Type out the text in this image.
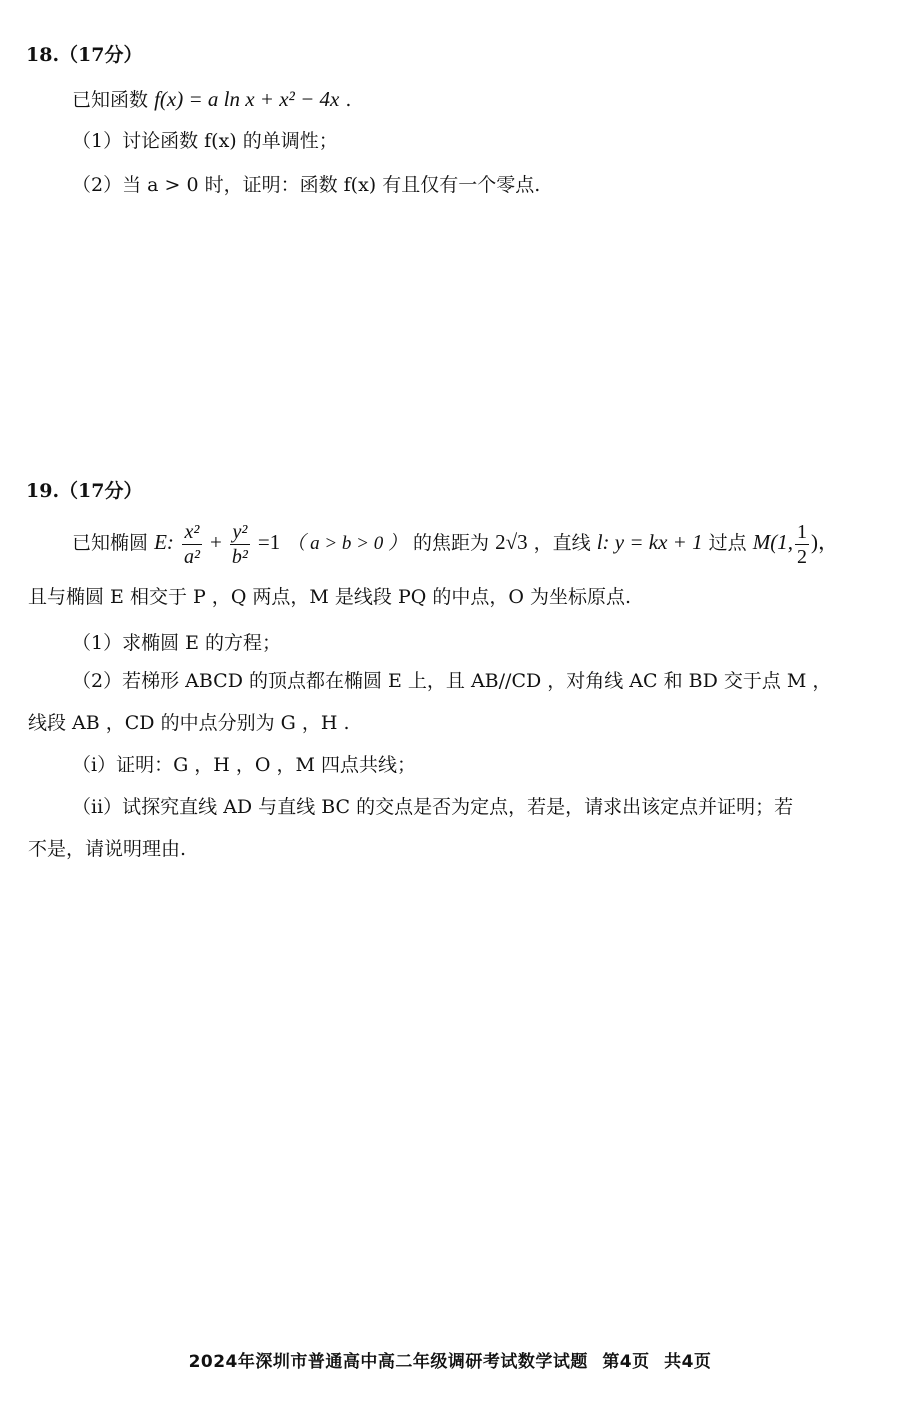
18.（17分）
已知函数 f(x) = a ln x + x² − 4x .
（1）讨论函数 f(x) 的单调性；
（2）当 a > 0 时，证明：函数 f(x) 有且仅有一个零点.
19.（17分）
已知椭圆 E: $\frac{\text{x²}}{\text{a²}} + \frac{\text{y²}}{\text{b²}} =1$ （ a > b > 0 ） 的焦距为 2√3 ，直线 l: y = kx + 1 过点 M(1, $\frac{1}{2}$ )，
且与椭圆 E 相交于 P ，Q 两点，M 是线段 PQ 的中点，O 为坐标原点.
（1）求椭圆 E 的方程；
（2）若梯形 ABCD 的顶点都在椭圆 E 上，且 AB//CD ，对角线 AC 和 BD 交于点 M ，
线段 AB ，CD 的中点分别为 G ，H .
（i）证明：G ，H ，O ，M 四点共线；
（ii）试探究直线 AD 与直线 BC 的交点是否为定点，若是，请求出该定点并证明；若
不是，请说明理由.
2024年深圳市普通高中高二年级调研考试数学试题 第4页 共4页
